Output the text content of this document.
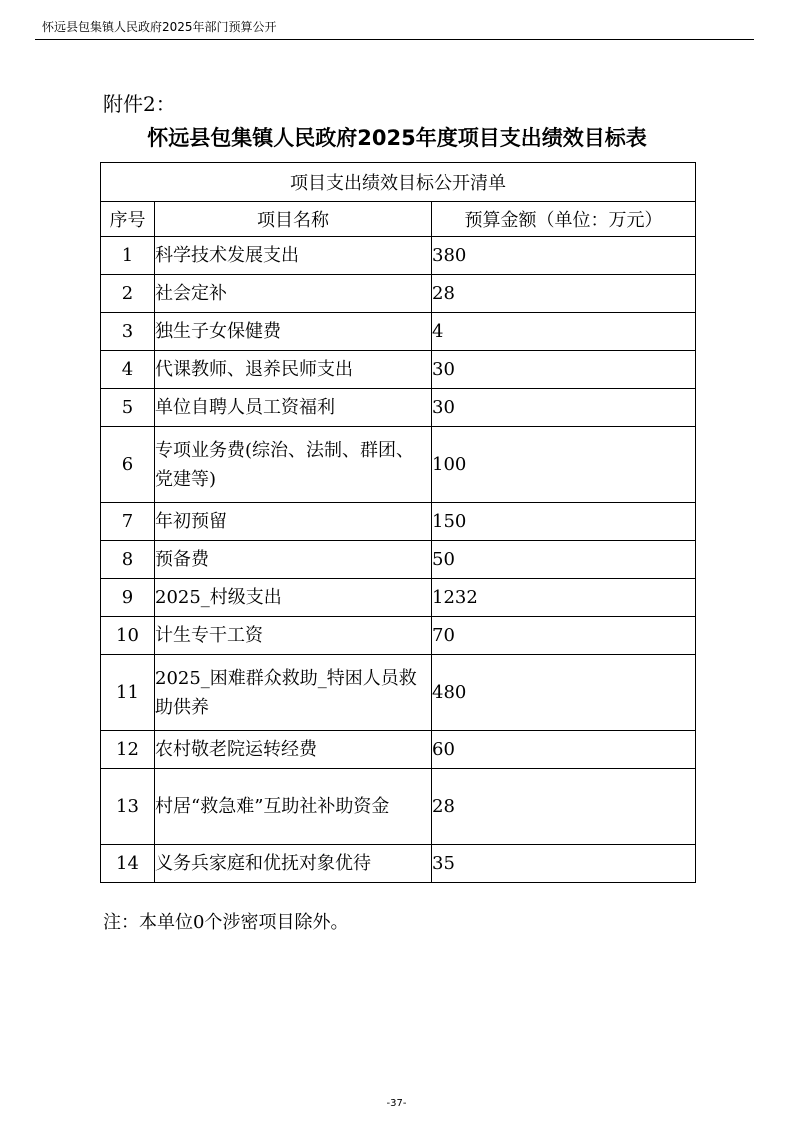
怀远县包集镇人民政府2025年部门预算公开
附件2：
怀远县包集镇人民政府2025年度项目支出绩效目标表
项目支出绩效目标公开清单		
序号	项目名称	预算金额（单位：万元）
1	科学技术发展支出	380
2	社会定补	28
3	独生子女保健费	4
4	代课教师、退养民师支出	30
5	单位自聘人员工资福利	30
6	专项业务费(综治、法制、群团、党建等)	100
7	年初预留	150
8	预备费	50
9	2025_村级支出	1232
10	计生专干工资	70
11	2025_困难群众救助_特困人员救助供养	480
12	农村敬老院运转经费	60
13	村居“救急难”互助社补助资金	28
14	义务兵家庭和优抚对象优待	35
注：本单位0个涉密项目除外。
-37-
